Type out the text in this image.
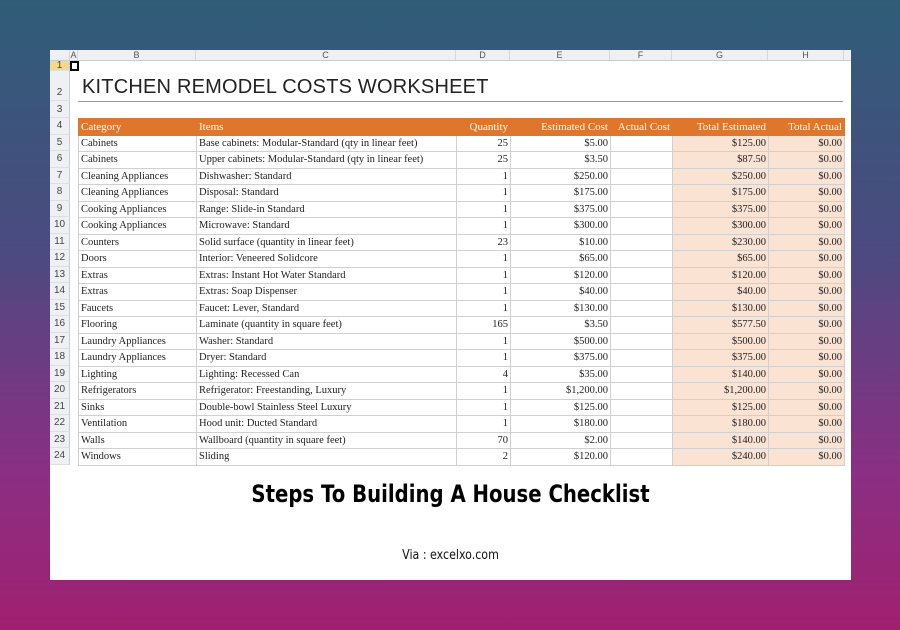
A	B	C	D	E	F	G	H
1
2
3
4
5
6
7
8
9
10
11
12
13
14
15
16
17
18
19
20
21
22
23
24
KITCHEN REMODEL COSTS WORKSHEET
Category	Items	Quantity	Estimated Cost	Actual Cost	Total Estimated	Total Actual
Cabinets	Base cabinets: Modular-Standard (qty in linear feet)	25	$5.00		$125.00	$0.00
Cabinets	Upper cabinets: Modular-Standard (qty in linear feet)	25	$3.50		$87.50	$0.00
Cleaning Appliances	Dishwasher: Standard	1	$250.00		$250.00	$0.00
Cleaning Appliances	Disposal: Standard	1	$175.00		$175.00	$0.00
Cooking Appliances	Range: Slide-in Standard	1	$375.00		$375.00	$0.00
Cooking Appliances	Microwave: Standard	1	$300.00		$300.00	$0.00
Counters	Solid surface (quantity in linear feet)	23	$10.00		$230.00	$0.00
Doors	Interior: Veneered Solidcore	1	$65.00		$65.00	$0.00
Extras	Extras: Instant Hot Water Standard	1	$120.00		$120.00	$0.00
Extras	Extras: Soap Dispenser	1	$40.00		$40.00	$0.00
Faucets	Faucet: Lever, Standard	1	$130.00		$130.00	$0.00
Flooring	Laminate (quantity in square feet)	165	$3.50		$577.50	$0.00
Laundry Appliances	Washer: Standard	1	$500.00		$500.00	$0.00
Laundry Appliances	Dryer: Standard	1	$375.00		$375.00	$0.00
Lighting	Lighting: Recessed Can	4	$35.00		$140.00	$0.00
Refrigerators	Refrigerator: Freestanding, Luxury	1	$1,200.00		$1,200.00	$0.00
Sinks	Double-bowl Stainless Steel Luxury	1	$125.00		$125.00	$0.00
Ventilation	Hood unit: Ducted Standard	1	$180.00		$180.00	$0.00
Walls	Wallboard (quantity in square feet)	70	$2.00		$140.00	$0.00
Windows	Sliding	2	$120.00		$240.00	$0.00
Steps To Building A House Checklist
Via : excelxo.com
